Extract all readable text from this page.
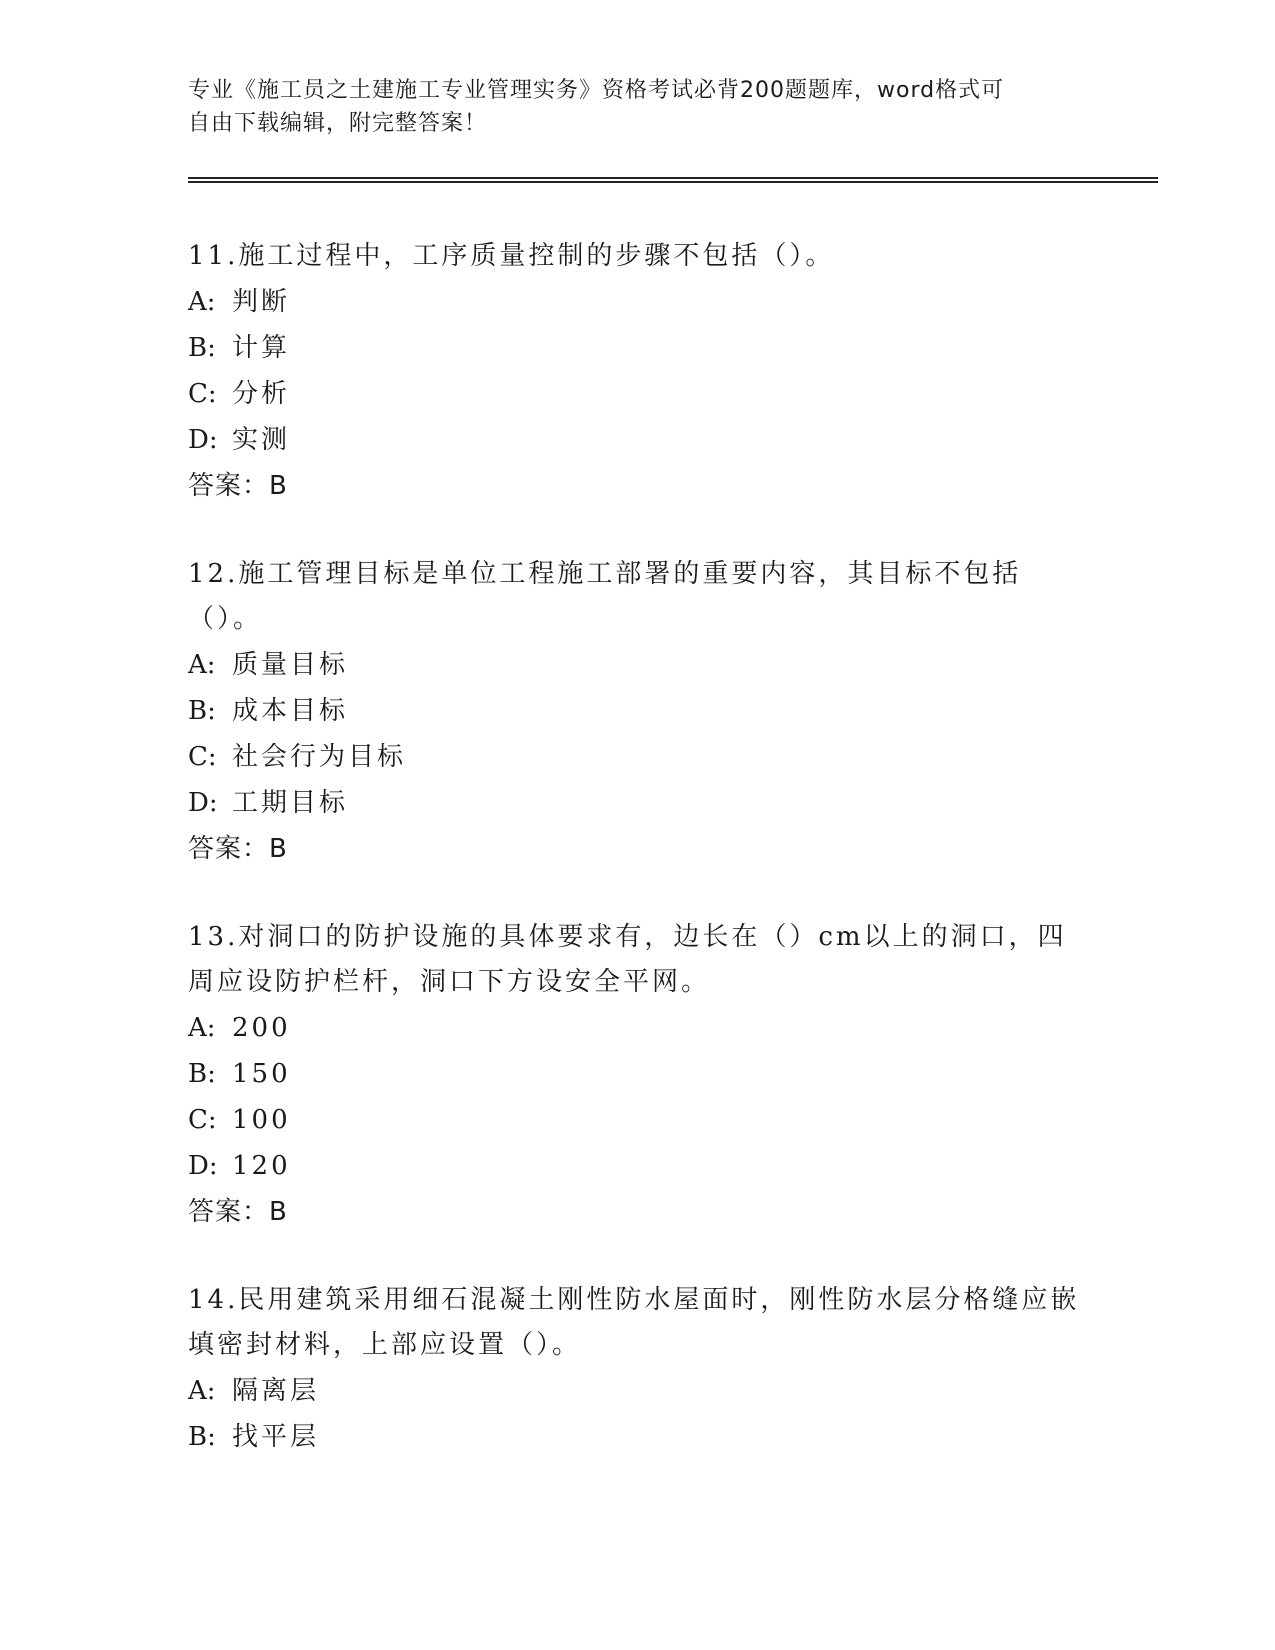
专业《施工员之土建施工专业管理实务》资格考试必背200题题库，word格式可
自由下载编辑，附完整答案！
11.施工过程中，工序质量控制的步骤不包括（）。
A: 判断
B: 计算
C: 分析
D: 实测
答案：B
12.施工管理目标是单位工程施工部署的重要内容，其目标不包括（）。
A: 质量目标
B: 成本目标
C: 社会行为目标
D: 工期目标
答案：B
13.对洞口的防护设施的具体要求有，边长在（）cm以上的洞口，四周应设防护栏杆，洞口下方设安全平网。
A: 200
B: 150
C: 100
D: 120
答案：B
14.民用建筑采用细石混凝土刚性防水屋面时，刚性防水层分格缝应嵌填密封材料，上部应设置（）。
A: 隔离层
B: 找平层
